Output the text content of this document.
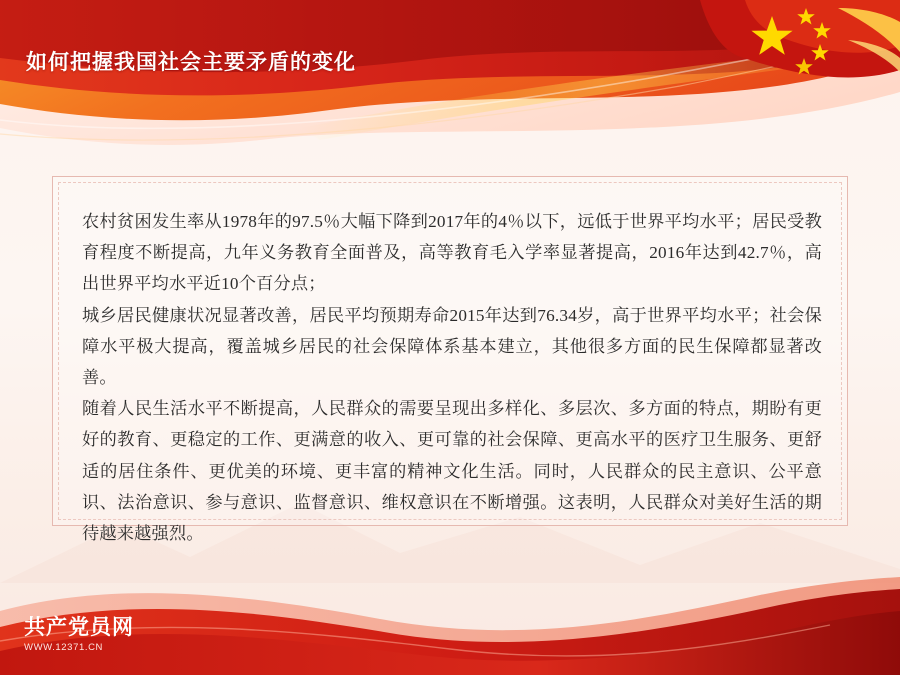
如何把握我国社会主要矛盾的变化

农村贫困发生率从1978年的97.5％大幅下降到2017年的4％以下，远低于世界平均水平；居民受教育程度不断提高，九年义务教育全面普及，高等教育毛入学率显著提高，2016年达到42.7％，高出世界平均水平近10个百分点；

城乡居民健康状况显著改善，居民平均预期寿命2015年达到76.34岁，高于世界平均水平；社会保障水平极大提高，覆盖城乡居民的社会保障体系基本建立，其他很多方面的民生保障都显著改善。

随着人民生活水平不断提高，人民群众的需要呈现出多样化、多层次、多方面的特点，期盼有更好的教育、更稳定的工作、更满意的收入、更可靠的社会保障、更高水平的医疗卫生服务、更舒适的居住条件、更优美的环境、更丰富的精神文化生活。同时，人民群众的民主意识、公平意识、法治意识、参与意识、监督意识、维权意识在不断增强。这表明，人民群众对美好生活的期待越来越强烈。

共产党员网
WWW.12371.CN
